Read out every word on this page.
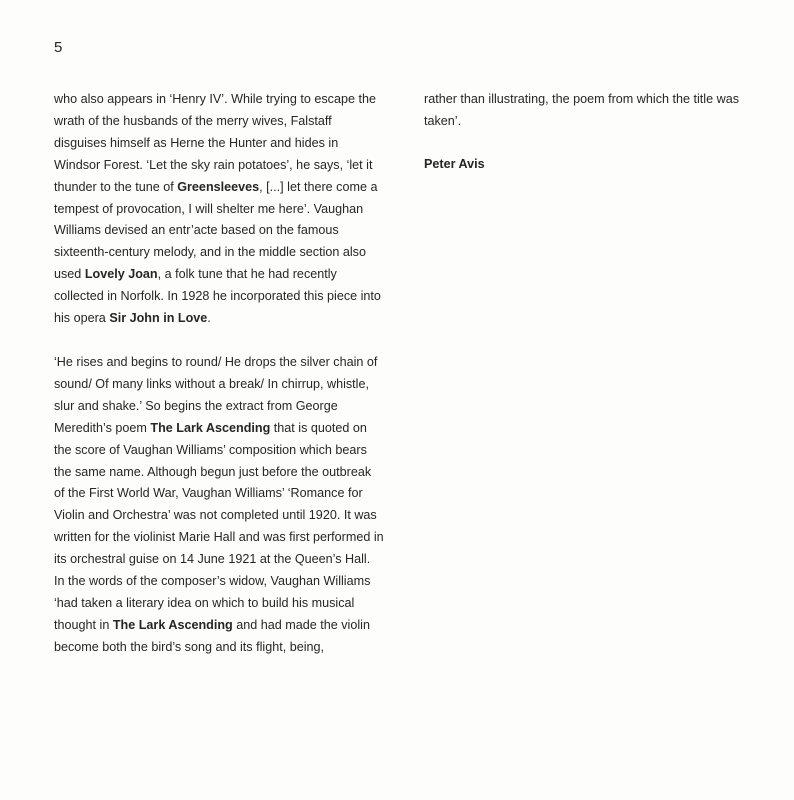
5

who also appears in ‘Henry IV’. While trying to escape the wrath of the husbands of the merry wives, Falstaff disguises himself as Herne the Hunter and hides in Windsor Forest. ‘Let the sky rain potatoes’, he says, ‘let it thunder to the tune of Greensleeves, [...] let there come a tempest of provocation, I will shelter me here’. Vaughan Williams devised an entr’acte based on the famous sixteenth-century melody, and in the middle section also used Lovely Joan, a folk tune that he had recently collected in Norfolk. In 1928 he incorporated this piece into his opera Sir John in Love.

‘He rises and begins to round/ He drops the silver chain of sound/ Of many links without a break/ In chirrup, whistle, slur and shake.’ So begins the extract from George Meredith’s poem The Lark Ascending that is quoted on the score of Vaughan Williams’ composition which bears the same name. Although begun just before the outbreak of the First World War, Vaughan Williams’ ‘Romance for Violin and Orchestra’ was not completed until 1920. It was written for the violinist Marie Hall and was first performed in its orchestral guise on 14 June 1921 at the Queen’s Hall. In the words of the composer’s widow, Vaughan Williams ‘had taken a literary idea on which to build his musical thought in The Lark Ascending and had made the violin become both the bird’s song and its flight, being,

rather than illustrating, the poem from which the title was taken’.

Peter Avis
